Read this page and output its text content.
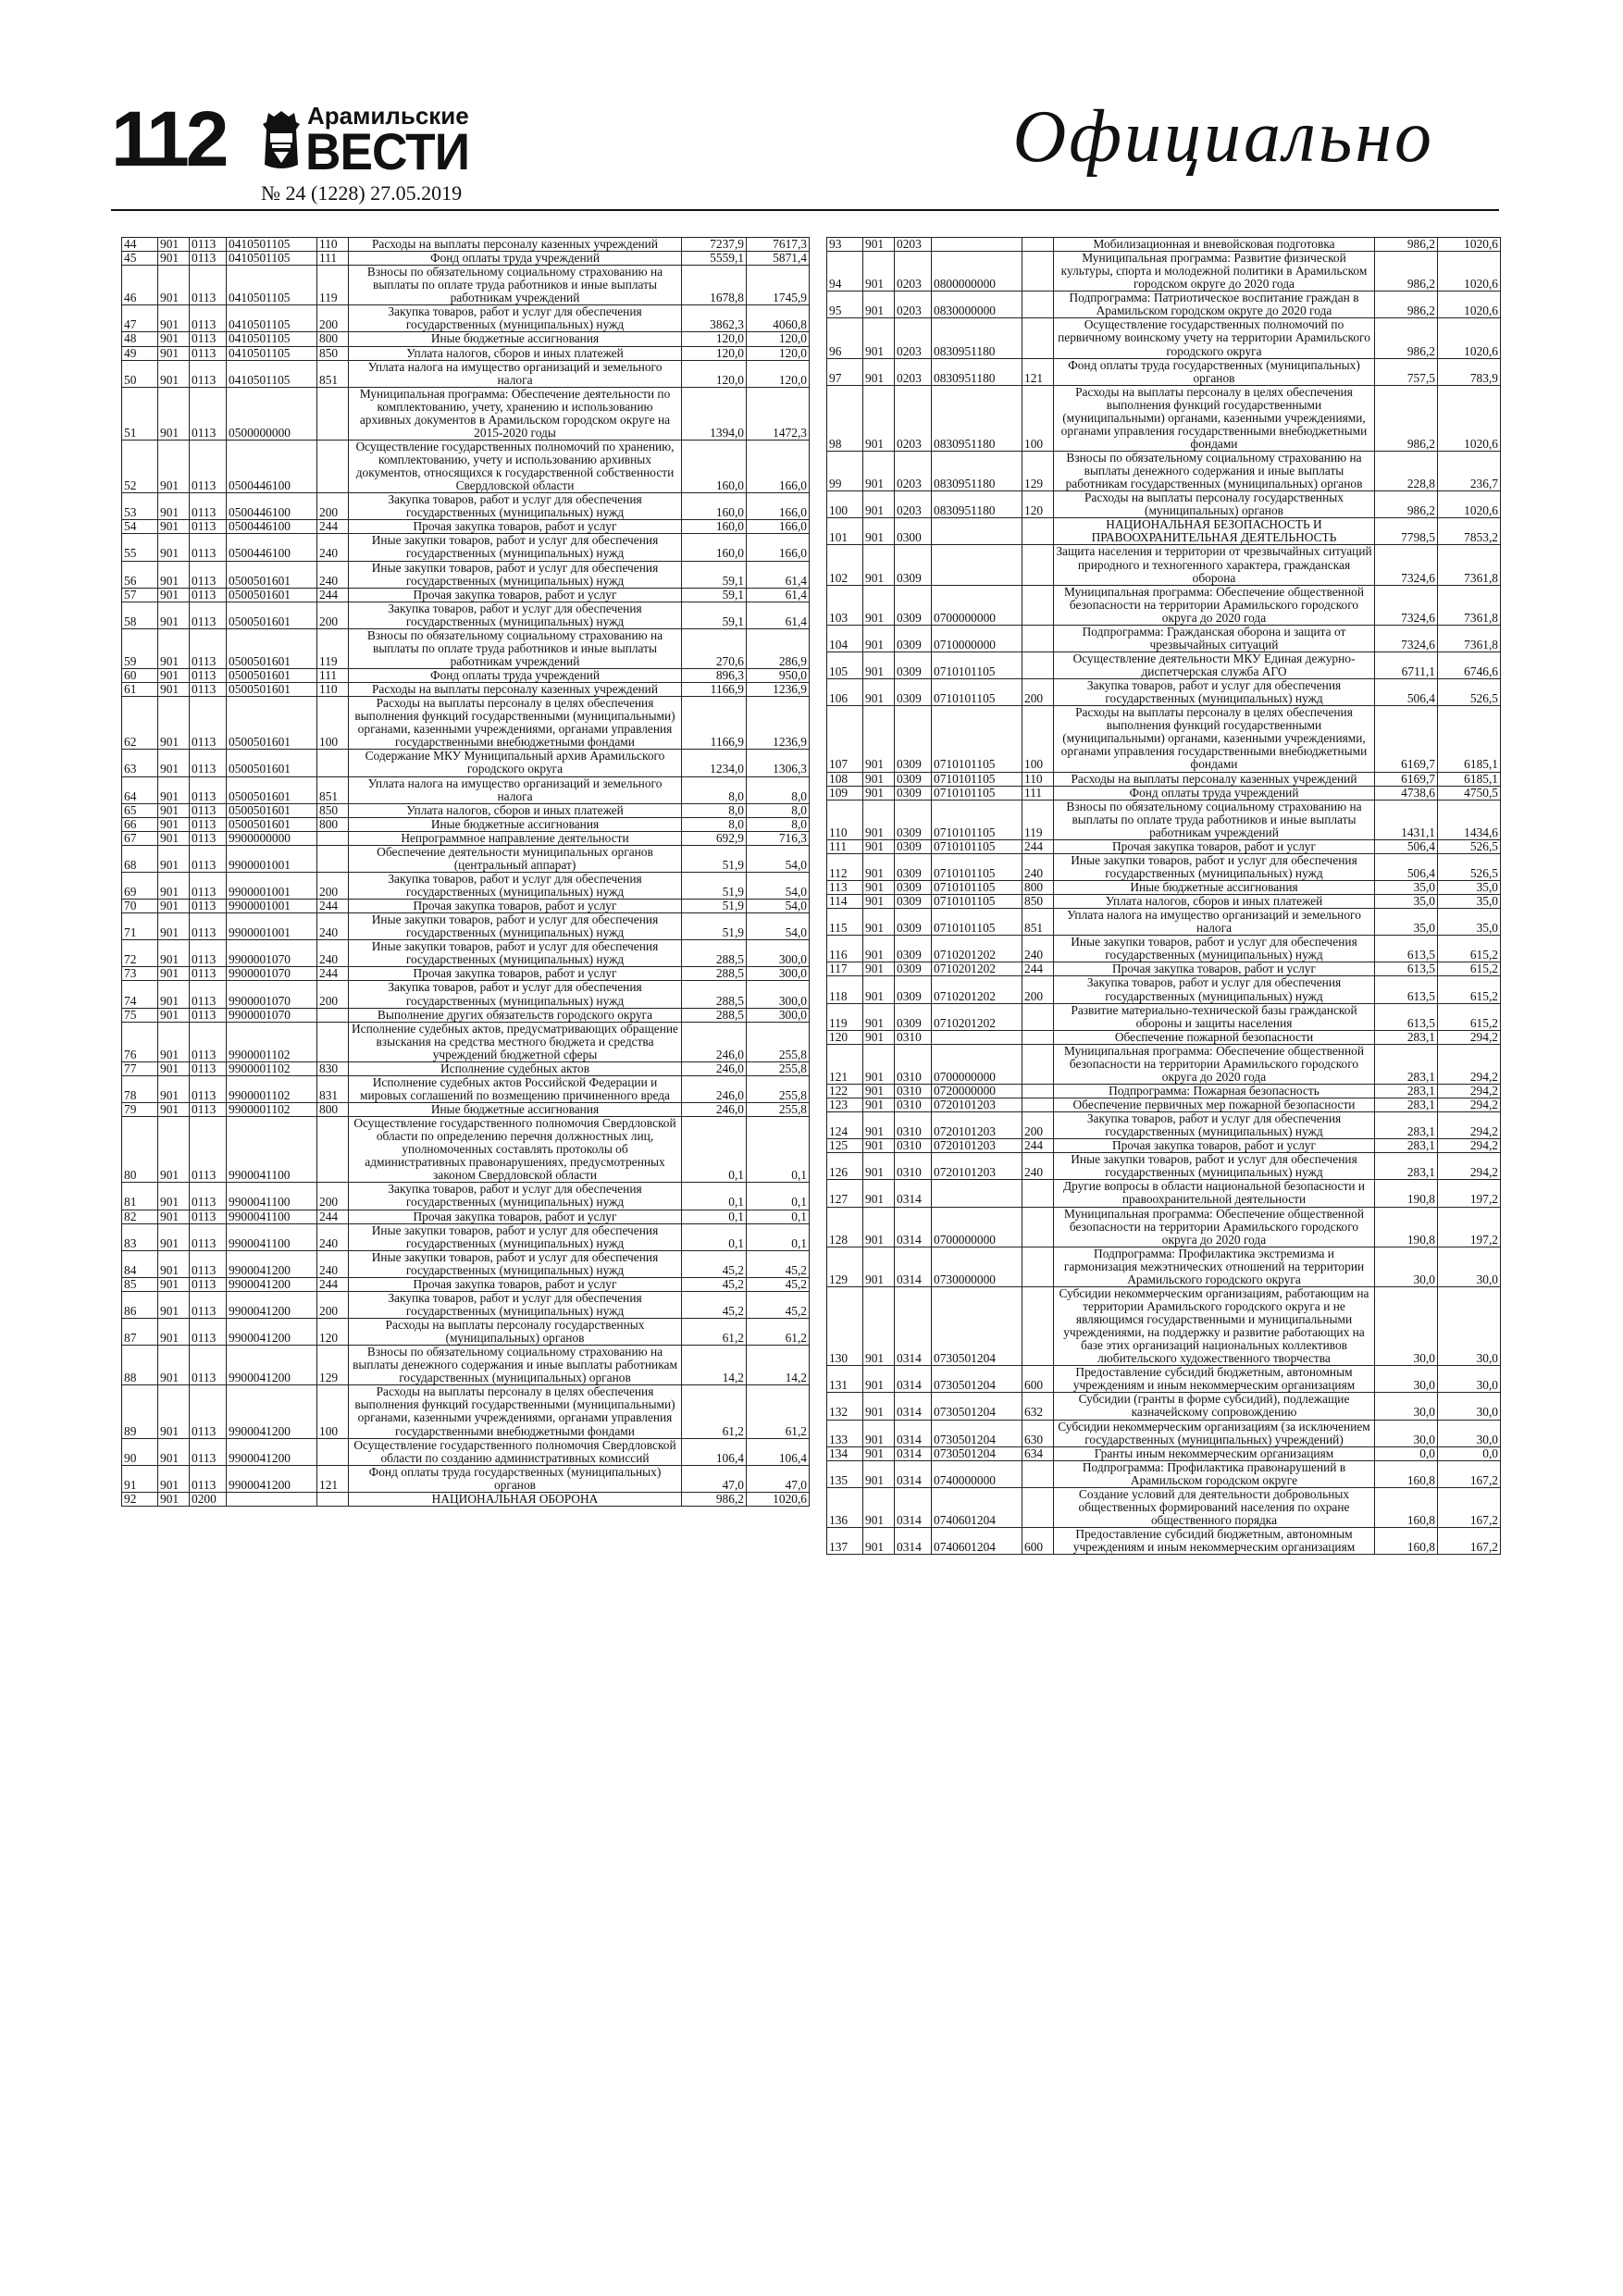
112	Арамильские
ВЕСТИ
№ 24 (1228) 27.05.2019
Официально
44	901	0113	0410501105	110	Расходы на выплаты персоналу казенных учреждений	7237,9	7617,3
45	901	0113	0410501105	111	Фонд оплаты труда учреждений	5559,1	5871,4
46	901	0113	0410501105	119	Взносы по обязательному социальному страхованию на выплаты по оплате труда работников и иные выплаты работникам учреждений	1678,8	1745,9
47	901	0113	0410501105	200	Закупка товаров, работ и услуг для обеспечения государственных (муниципальных) нужд	3862,3	4060,8
48	901	0113	0410501105	800	Иные бюджетные ассигнования	120,0	120,0
49	901	0113	0410501105	850	Уплата налогов, сборов и иных платежей	120,0	120,0
50	901	0113	0410501105	851	Уплата налога на имущество организаций и земельного налога	120,0	120,0
51	901	0113	0500000000		Муниципальная программа: Обеспечение деятельности по комплектованию, учету, хранению и использованию архивных документов в Арамильском городском округе на 2015-2020 годы	1394,0	1472,3
52	901	0113	0500446100		Осуществление государственных полномочий по хранению, комплектованию, учету и использованию архивных документов, относящихся к государственной собственности Свердловской области	160,0	166,0
53	901	0113	0500446100	200	Закупка товаров, работ и услуг для обеспечения государственных (муниципальных) нужд	160,0	166,0
54	901	0113	0500446100	244	Прочая закупка товаров, работ и услуг	160,0	166,0
55	901	0113	0500446100	240	Иные закупки товаров, работ и услуг для обеспечения государственных (муниципальных) нужд	160,0	166,0
56	901	0113	0500501601	240	Иные закупки товаров, работ и услуг для обеспечения государственных (муниципальных) нужд	59,1	61,4
57	901	0113	0500501601	244	Прочая закупка товаров, работ и услуг	59,1	61,4
58	901	0113	0500501601	200	Закупка товаров, работ и услуг для обеспечения государственных (муниципальных) нужд	59,1	61,4
59	901	0113	0500501601	119	Взносы по обязательному социальному страхованию на выплаты по оплате труда работников и иные выплаты работникам учреждений	270,6	286,9
60	901	0113	0500501601	111	Фонд оплаты труда учреждений	896,3	950,0
61	901	0113	0500501601	110	Расходы на выплаты персоналу казенных учреждений	1166,9	1236,9
62	901	0113	0500501601	100	Расходы на выплаты персоналу в целях обеспечения выполнения функций государственными (муниципальными) органами, казенными учреждениями, органами управления государственными внебюджетными фондами	1166,9	1236,9
63	901	0113	0500501601		Содержание МКУ Муниципальный архив Арамильского городского округа	1234,0	1306,3
64	901	0113	0500501601	851	Уплата налога на имущество организаций и земельного налога	8,0	8,0
65	901	0113	0500501601	850	Уплата налогов, сборов и иных платежей	8,0	8,0
66	901	0113	0500501601	800	Иные бюджетные ассигнования	8,0	8,0
67	901	0113	9900000000		Непрограммное направление деятельности	692,9	716,3
68	901	0113	9900001001		Обеспечение деятельности муниципальных органов (центральный аппарат)	51,9	54,0
69	901	0113	9900001001	200	Закупка товаров, работ и услуг для обеспечения государственных (муниципальных) нужд	51,9	54,0
70	901	0113	9900001001	244	Прочая закупка товаров, работ и услуг	51,9	54,0
71	901	0113	9900001001	240	Иные закупки товаров, работ и услуг для обеспечения государственных (муниципальных) нужд	51,9	54,0
72	901	0113	9900001070	240	Иные закупки товаров, работ и услуг для обеспечения государственных (муниципальных) нужд	288,5	300,0
73	901	0113	9900001070	244	Прочая закупка товаров, работ и услуг	288,5	300,0
74	901	0113	9900001070	200	Закупка товаров, работ и услуг для обеспечения государственных (муниципальных) нужд	288,5	300,0
75	901	0113	9900001070		Выполнение других обязательств городского округа	288,5	300,0
76	901	0113	9900001102		Исполнение судебных актов, предусматривающих обращение взыскания на средства местного бюджета и средства учреждений бюджетной сферы	246,0	255,8
77	901	0113	9900001102	830	Исполнение судебных актов	246,0	255,8
78	901	0113	9900001102	831	Исполнение судебных актов Российской Федерации и мировых соглашений по возмещению причиненного вреда	246,0	255,8
79	901	0113	9900001102	800	Иные бюджетные ассигнования	246,0	255,8
80	901	0113	9900041100		Осуществление государственного полномочия Свердловской области по определению перечня должностных лиц, уполномоченных составлять протоколы об административных правонарушениях, предусмотренных законом Свердловской области	0,1	0,1
81	901	0113	9900041100	200	Закупка товаров, работ и услуг для обеспечения государственных (муниципальных) нужд	0,1	0,1
82	901	0113	9900041100	244	Прочая закупка товаров, работ и услуг	0,1	0,1
83	901	0113	9900041100	240	Иные закупки товаров, работ и услуг для обеспечения государственных (муниципальных) нужд	0,1	0,1
84	901	0113	9900041200	240	Иные закупки товаров, работ и услуг для обеспечения государственных (муниципальных) нужд	45,2	45,2
85	901	0113	9900041200	244	Прочая закупка товаров, работ и услуг	45,2	45,2
86	901	0113	9900041200	200	Закупка товаров, работ и услуг для обеспечения государственных (муниципальных) нужд	45,2	45,2
87	901	0113	9900041200	120	Расходы на выплаты персоналу государственных (муниципальных) органов	61,2	61,2
88	901	0113	9900041200	129	Взносы по обязательному социальному страхованию на выплаты денежного содержания и иные выплаты работникам государственных (муниципальных) органов	14,2	14,2
89	901	0113	9900041200	100	Расходы на выплаты персоналу в целях обеспечения выполнения функций государственными (муниципальными) органами, казенными учреждениями, органами управления государственными внебюджетными фондами	61,2	61,2
90	901	0113	9900041200		Осуществление государственного полномочия Свердловской области по созданию административных комиссий	106,4	106,4
91	901	0113	9900041200	121	Фонд оплаты труда государственных (муниципальных) органов	47,0	47,0
92	901	0200			НАЦИОНАЛЬНАЯ ОБОРОНА	986,2	1020,6
93	901	0203			Мобилизационная и вневойсковая подготовка	986,2	1020,6
94	901	0203	0800000000		Муниципальная программа: Развитие физической культуры, спорта и молодежной политики в Арамильском городском округе до 2020 года	986,2	1020,6
95	901	0203	0830000000		Подпрограмма: Патриотическое воспитание граждан в Арамильском городском округе до 2020 года	986,2	1020,6
96	901	0203	0830951180		Осуществление государственных полномочий по первичному воинскому учету на территории Арамильского городского округа	986,2	1020,6
97	901	0203	0830951180	121	Фонд оплаты труда государственных (муниципальных) органов	757,5	783,9
98	901	0203	0830951180	100	Расходы на выплаты персоналу в целях обеспечения выполнения функций государственными (муниципальными) органами, казенными учреждениями, органами управления государственными внебюджетными фондами	986,2	1020,6
99	901	0203	0830951180	129	Взносы по обязательному социальному страхованию на выплаты денежного содержания и иные выплаты работникам государственных (муниципальных) органов	228,8	236,7
100	901	0203	0830951180	120	Расходы на выплаты персоналу государственных (муниципальных) органов	986,2	1020,6
101	901	0300			НАЦИОНАЛЬНАЯ БЕЗОПАСНОСТЬ И ПРАВООХРАНИТЕЛЬНАЯ ДЕЯТЕЛЬНОСТЬ	7798,5	7853,2
102	901	0309			Защита населения и территории от чрезвычайных ситуаций природного и техногенного характера, гражданская оборона	7324,6	7361,8
103	901	0309	0700000000		Муниципальная программа: Обеспечение общественной безопасности на территории Арамильского городского округа до 2020 года	7324,6	7361,8
104	901	0309	0710000000		Подпрограмма: Гражданская оборона и защита от чрезвычайных ситуаций	7324,6	7361,8
105	901	0309	0710101105		Осуществление деятельности МКУ Единая дежурно-диспетчерская служба АГО	6711,1	6746,6
106	901	0309	0710101105	200	Закупка товаров, работ и услуг для обеспечения государственных (муниципальных) нужд	506,4	526,5
107	901	0309	0710101105	100	Расходы на выплаты персоналу в целях обеспечения выполнения функций государственными (муниципальными) органами, казенными учреждениями, органами управления государственными внебюджетными фондами	6169,7	6185,1
108	901	0309	0710101105	110	Расходы на выплаты персоналу казенных учреждений	6169,7	6185,1
109	901	0309	0710101105	111	Фонд оплаты труда учреждений	4738,6	4750,5
110	901	0309	0710101105	119	Взносы по обязательному социальному страхованию на выплаты по оплате труда работников и иные выплаты работникам учреждений	1431,1	1434,6
111	901	0309	0710101105	244	Прочая закупка товаров, работ и услуг	506,4	526,5
112	901	0309	0710101105	240	Иные закупки товаров, работ и услуг для обеспечения государственных (муниципальных) нужд	506,4	526,5
113	901	0309	0710101105	800	Иные бюджетные ассигнования	35,0	35,0
114	901	0309	0710101105	850	Уплата налогов, сборов и иных платежей	35,0	35,0
115	901	0309	0710101105	851	Уплата налога на имущество организаций и земельного налога	35,0	35,0
116	901	0309	0710201202	240	Иные закупки товаров, работ и услуг для обеспечения государственных (муниципальных) нужд	613,5	615,2
117	901	0309	0710201202	244	Прочая закупка товаров, работ и услуг	613,5	615,2
118	901	0309	0710201202	200	Закупка товаров, работ и услуг для обеспечения государственных (муниципальных) нужд	613,5	615,2
119	901	0309	0710201202		Развитие материально-технической базы гражданской обороны и защиты населения	613,5	615,2
120	901	0310			Обеспечение пожарной безопасности	283,1	294,2
121	901	0310	0700000000		Муниципальная программа: Обеспечение общественной безопасности на территории Арамильского городского округа до 2020 года	283,1	294,2
122	901	0310	0720000000		Подпрограмма: Пожарная безопасность	283,1	294,2
123	901	0310	0720101203		Обеспечение первичных мер пожарной безопасности	283,1	294,2
124	901	0310	0720101203	200	Закупка товаров, работ и услуг для обеспечения государственных (муниципальных) нужд	283,1	294,2
125	901	0310	0720101203	244	Прочая закупка товаров, работ и услуг	283,1	294,2
126	901	0310	0720101203	240	Иные закупки товаров, работ и услуг для обеспечения государственных (муниципальных) нужд	283,1	294,2
127	901	0314			Другие вопросы в области национальной безопасности и правоохранительной деятельности	190,8	197,2
128	901	0314	0700000000		Муниципальная программа: Обеспечение общественной безопасности на территории Арамильского городского округа до 2020 года	190,8	197,2
129	901	0314	0730000000		Подпрограмма: Профилактика экстремизма и гармонизация межэтнических отношений на территории Арамильского городского округа	30,0	30,0
130	901	0314	0730501204		Субсидии некоммерческим организациям, работающим на территории Арамильского городского округа и не являющимся государственными и муниципальными учреждениями, на поддержку и развитие работающих на базе этих организаций национальных коллективов любительского художественного творчества	30,0	30,0
131	901	0314	0730501204	600	Предоставление субсидий бюджетным, автономным учреждениям и иным некоммерческим организациям	30,0	30,0
132	901	0314	0730501204	632	Субсидии (гранты в форме субсидий), подлежащие казначейскому сопровождению	30,0	30,0
133	901	0314	0730501204	630	Субсидии некоммерческим организациям (за исключением государственных (муниципальных) учреждений)	30,0	30,0
134	901	0314	0730501204	634	Гранты иным некоммерческим организациям	0,0	0,0
135	901	0314	0740000000		Подпрограмма: Профилактика правонарушений в Арамильском городском округе	160,8	167,2
136	901	0314	0740601204		Создание условий для деятельности добровольных общественных формирований населения по охране общественного порядка	160,8	167,2
137	901	0314	0740601204	600	Предоставление субсидий бюджетным, автономным учреждениям и иным некоммерческим организациям	160,8	167,2
